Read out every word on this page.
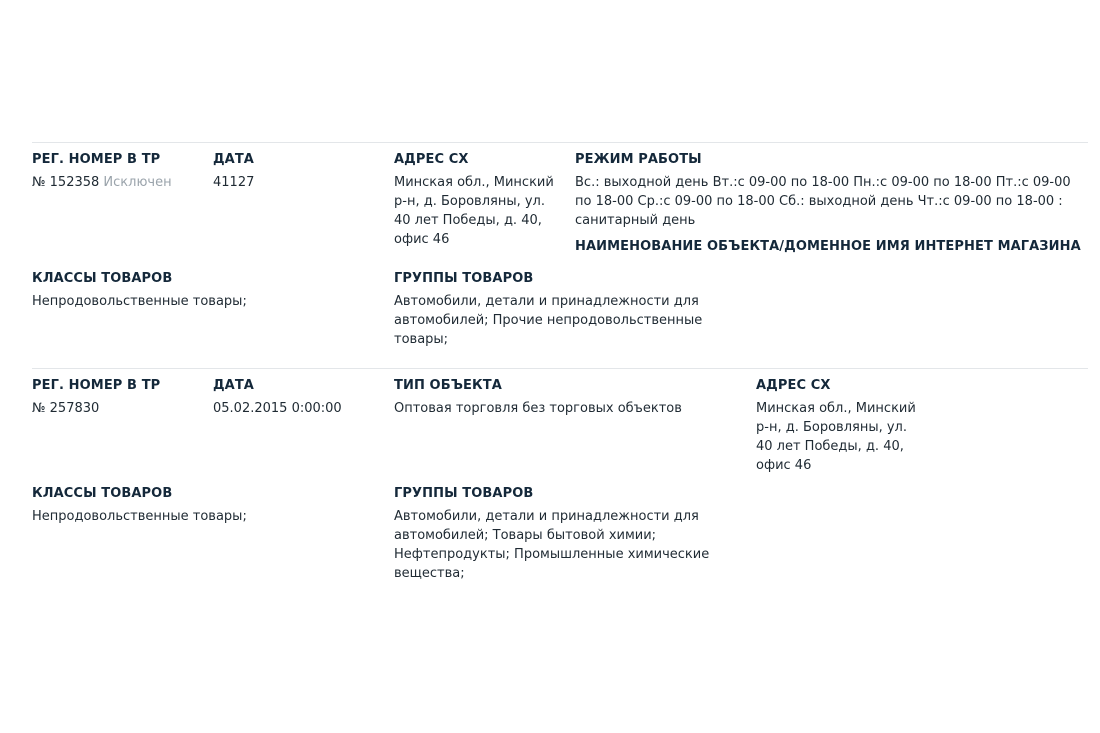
РЕГ. НОМЕР В ТР
№ 152358 Исключен
ДАТА
41127
АДРЕС СХ
Минская обл., Минский р-н, д. Боровляны, ул. 40 лет Победы, д. 40, офис 46
РЕЖИМ РАБОТЫ
Вс.: выходной день Вт.:с 09-00 по 18-00 Пн.:с 09-00 по 18-00 Пт.:с 09-00 по 18-00 Ср.:с 09-00 по 18-00 Сб.: выходной день Чт.:с 09-00 по 18-00 : санитарный день
НАИМЕНОВАНИЕ ОБЪЕКТА/ДОМЕННОЕ ИМЯ ИНТЕРНЕТ МАГАЗИНА
КЛАССЫ ТОВАРОВ
Непродовольственные товары;
ГРУППЫ ТОВАРОВ
Автомобили, детали и принадлежности для автомобилей; Прочие непродовольственные товары;
РЕГ. НОМЕР В ТР
№ 257830
ДАТА
05.02.2015 0:00:00
ТИП ОБЪЕКТА
Оптовая торговля без торговых объектов
АДРЕС СХ
Минская обл., Минский р-н, д. Боровляны, ул. 40 лет Победы, д. 40, офис 46
КЛАССЫ ТОВАРОВ
Непродовольственные товары;
ГРУППЫ ТОВАРОВ
Автомобили, детали и принадлежности для автомобилей; Товары бытовой химии; Нефтепродукты; Промышленные химические вещества;
